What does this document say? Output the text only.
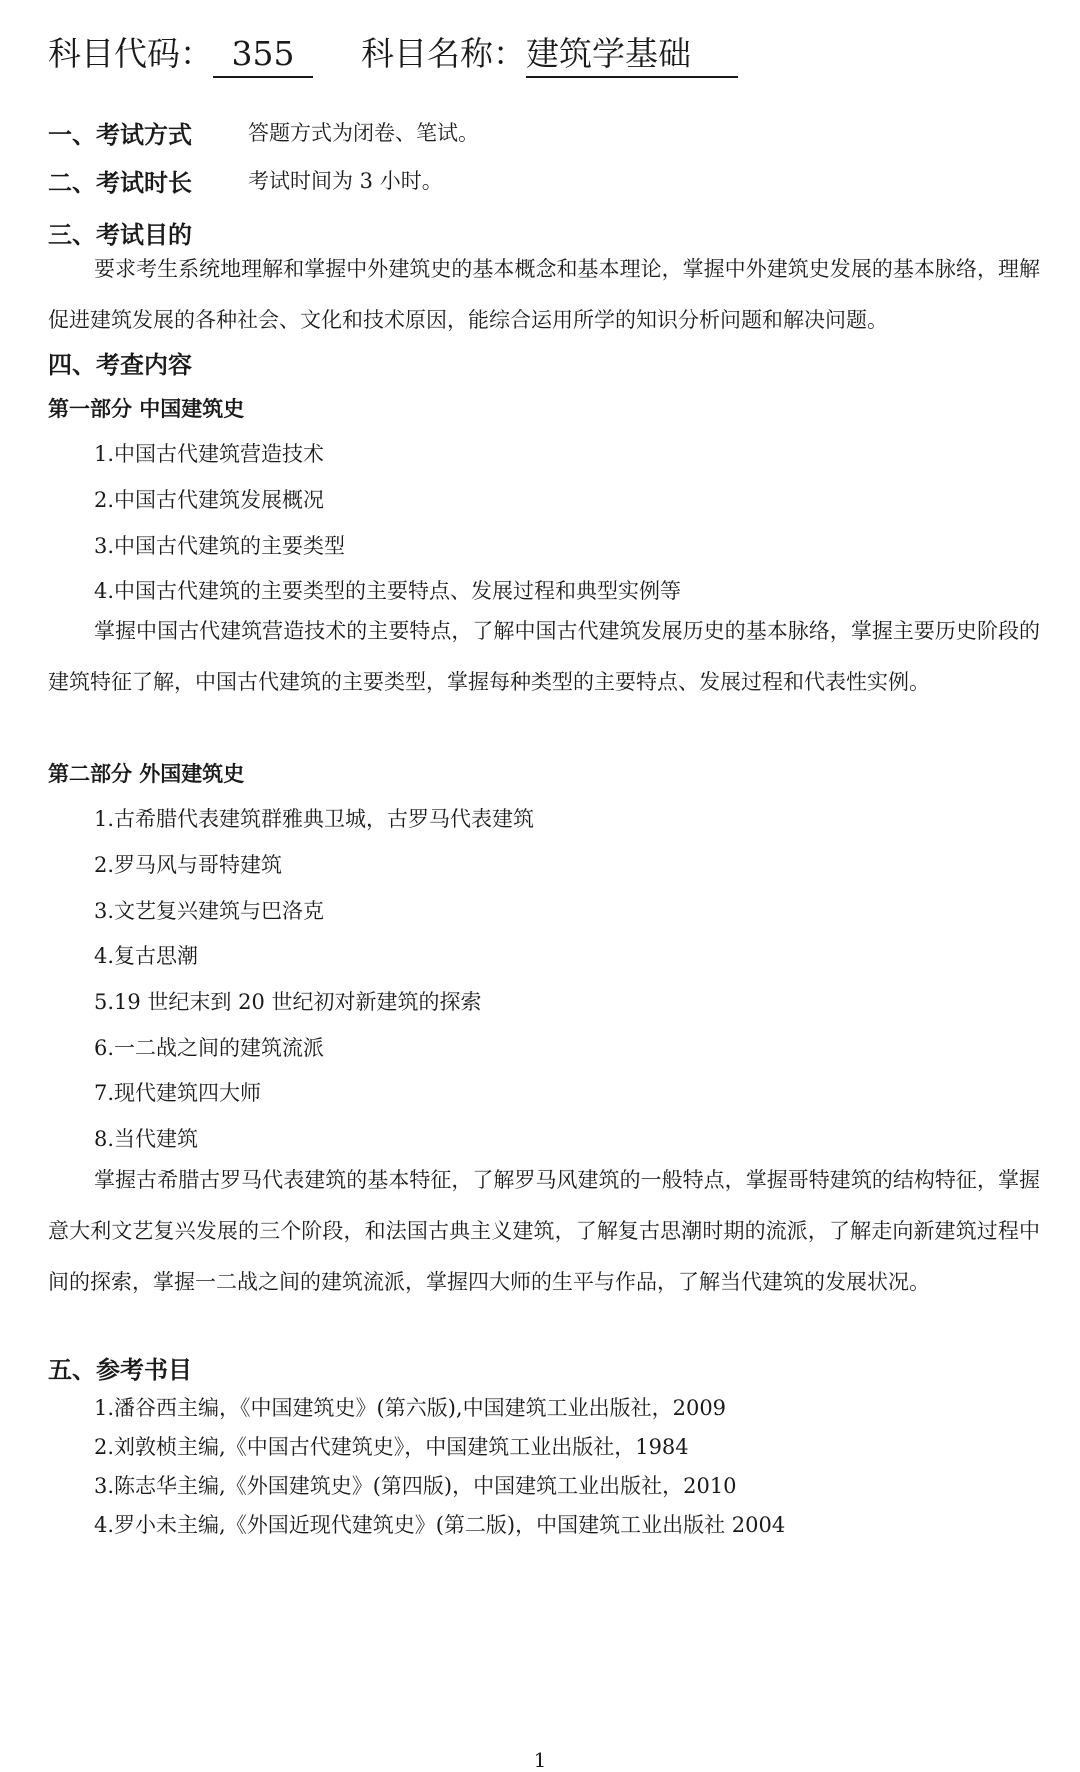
科目代码： 355 科目名称：建筑学基础
一、考试方式	答题方式为闭卷、笔试。
二、考试时长	考试时间为 3 小时。
三、考试目的
要求考生系统地理解和掌握中外建筑史的基本概念和基本理论，掌握中外建筑史发展的基本脉络，理解促进建筑发展的各种社会、文化和技术原因，能综合运用所学的知识分析问题和解决问题。
四、考查内容
第一部分 中国建筑史
1.中国古代建筑营造技术
2.中国古代建筑发展概况
3.中国古代建筑的主要类型
4.中国古代建筑的主要类型的主要特点、发展过程和典型实例等
掌握中国古代建筑营造技术的主要特点，了解中国古代建筑发展历史的基本脉络，掌握主要历史阶段的建筑特征了解，中国古代建筑的主要类型，掌握每种类型的主要特点、发展过程和代表性实例。
第二部分 外国建筑史
1.古希腊代表建筑群雅典卫城，古罗马代表建筑
2.罗马风与哥特建筑
3.文艺复兴建筑与巴洛克
4.复古思潮
5.19 世纪末到 20 世纪初对新建筑的探索
6.一二战之间的建筑流派
7.现代建筑四大师
8.当代建筑
掌握古希腊古罗马代表建筑的基本特征，了解罗马风建筑的一般特点，掌握哥特建筑的结构特征，掌握意大利文艺复兴发展的三个阶段，和法国古典主义建筑，了解复古思潮时期的流派，了解走向新建筑过程中间的探索，掌握一二战之间的建筑流派，掌握四大师的生平与作品，了解当代建筑的发展状况。
五、参考书目
1.潘谷西主编，《中国建筑史》(第六版),中国建筑工业出版社，2009
2.刘敦桢主编,《中国古代建筑史》，中国建筑工业出版社，1984
3.陈志华主编,《外国建筑史》(第四版)，中国建筑工业出版社，2010
4.罗小未主编,《外国近现代建筑史》(第二版)，中国建筑工业出版社 2004
1
